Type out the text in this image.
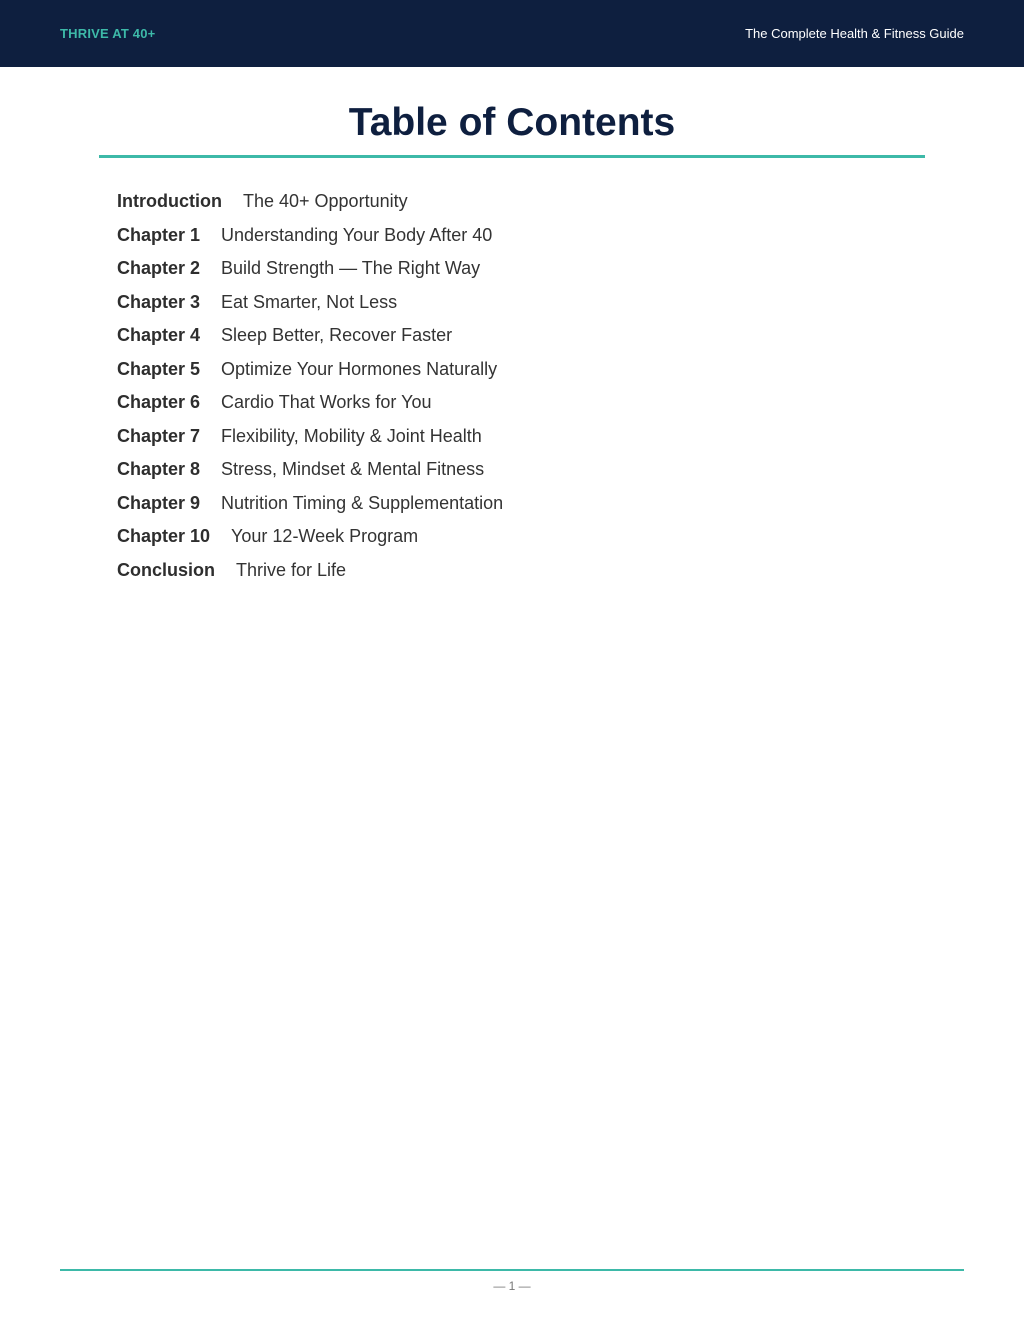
THRIVE AT 40+	The Complete Health & Fitness Guide
Table of Contents
Introduction The 40+ Opportunity
Chapter 1 Understanding Your Body After 40
Chapter 2 Build Strength — The Right Way
Chapter 3 Eat Smarter, Not Less
Chapter 4 Sleep Better, Recover Faster
Chapter 5 Optimize Your Hormones Naturally
Chapter 6 Cardio That Works for You
Chapter 7 Flexibility, Mobility & Joint Health
Chapter 8 Stress, Mindset & Mental Fitness
Chapter 9 Nutrition Timing & Supplementation
Chapter 10 Your 12-Week Program
Conclusion Thrive for Life
— 1 —
